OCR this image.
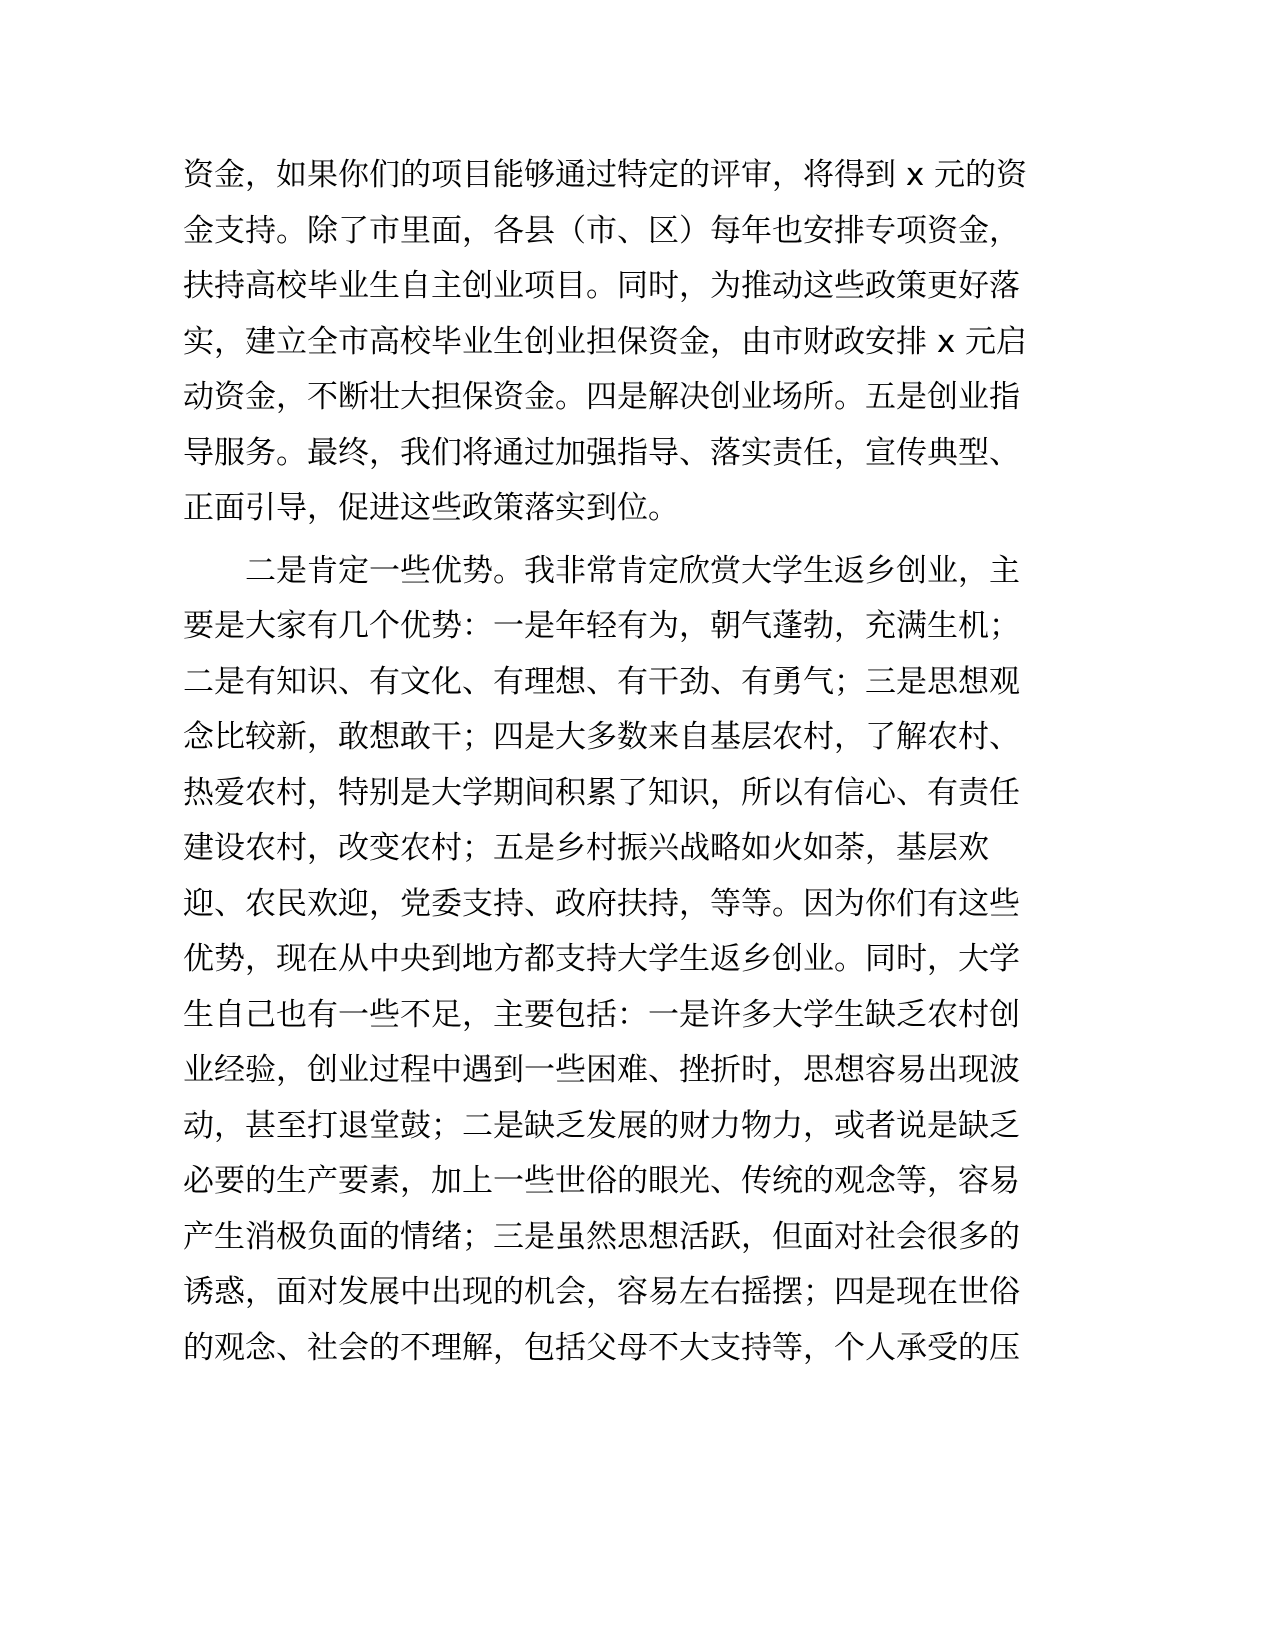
资金，如果你们的项目能够通过特定的评审，将得到 x 元的资
金支持。除了市里面，各县（市、区）每年也安排专项资金，
扶持高校毕业生自主创业项目。同时，为推动这些政策更好落
实，建立全市高校毕业生创业担保资金，由市财政安排 x 元启
动资金，不断壮大担保资金。四是解决创业场所。五是创业指
导服务。最终，我们将通过加强指导、落实责任，宣传典型、
正面引导，促进这些政策落实到位。
二是肯定一些优势。我非常肯定欣赏大学生返乡创业，主
要是大家有几个优势：一是年轻有为，朝气蓬勃，充满生机；
二是有知识、有文化、有理想、有干劲、有勇气；三是思想观
念比较新，敢想敢干；四是大多数来自基层农村，了解农村、
热爱农村，特别是大学期间积累了知识，所以有信心、有责任
建设农村，改变农村；五是乡村振兴战略如火如荼，基层欢
迎、农民欢迎，党委支持、政府扶持，等等。因为你们有这些
优势，现在从中央到地方都支持大学生返乡创业。同时，大学
生自己也有一些不足，主要包括：一是许多大学生缺乏农村创
业经验，创业过程中遇到一些困难、挫折时，思想容易出现波
动，甚至打退堂鼓；二是缺乏发展的财力物力，或者说是缺乏
必要的生产要素，加上一些世俗的眼光、传统的观念等，容易
产生消极负面的情绪；三是虽然思想活跃，但面对社会很多的
诱惑，面对发展中出现的机会，容易左右摇摆；四是现在世俗
的观念、社会的不理解，包括父母不大支持等，个人承受的压
